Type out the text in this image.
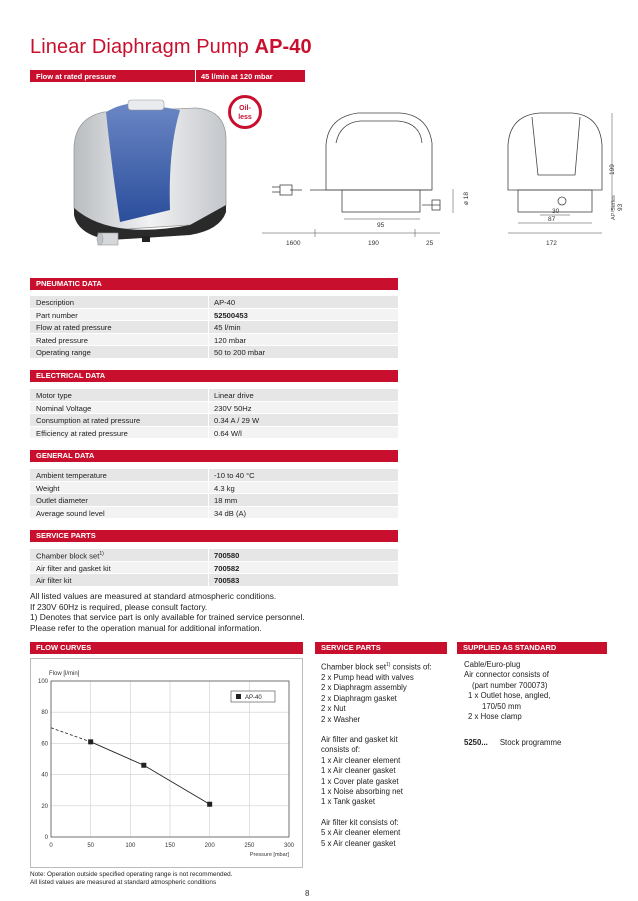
Linear Diaphragm Pump AP-40
Flow at rated pressure	45 l/min at 120 mbar
Oil-
less
1600	190	25
95
ø 18
172
87
30
93
199
AP-Series
PNEUMATIC DATA
Description	AP-40
Part number	52500453
Flow at rated pressure	45 l/min
Rated pressure	120 mbar
Operating range	50 to 200 mbar
ELECTRICAL DATA
Motor type	Linear drive
Nominal Voltage	230V 50Hz
Consumption at rated pressure	0.34 A / 29 W
Efficiency at rated pressure	0.64 W/l
GENERAL DATA
Ambient temperature	-10 to 40 °C
Weight	4.3 kg
Outlet diameter	18 mm
Average sound level	34 dB (A)
SERVICE PARTS
Chamber block set$^{1)}$	700580
Air filter and gasket kit	700582
Air filter kit	700583
All listed values are measured at standard atmospheric conditions.
If 230V 60Hz is required, please consult factory.
1) Denotes that service part is only available for trained service personnel.
Please refer to the operation manual for additional information.
FLOW CURVES
0	50	100	150	200	250	300
0
20
40
60
80
100
Flow [l/min]
Pressure [mbar]
AP-40
SERVICE PARTS
Chamber block set$^{1)}$ consists of:
2 x Pump head with valves
2 x Diaphragm assembly
2 x Diaphragm gasket
2 x Nut
2 x Washer
Air filter and gasket kit
consists of:
1 x Air cleaner element
1 x Air cleaner gasket
1 x Cover plate gasket
1 x Noise absorbing net
1 x Tank gasket
Air filter kit consists of:
5 x Air cleaner element
5 x Air cleaner gasket
SUPPLIED AS STANDARD
Cable/Euro-plug
Air connector consists of
(part number 700073)
1 x Outlet hose, angled,
170/50 mm
2 x Hose clamp
5250... Stock programme
Note: Operation outside specified operating range is not recommended.
All listed values are measured at standard atmospheric conditions
8
